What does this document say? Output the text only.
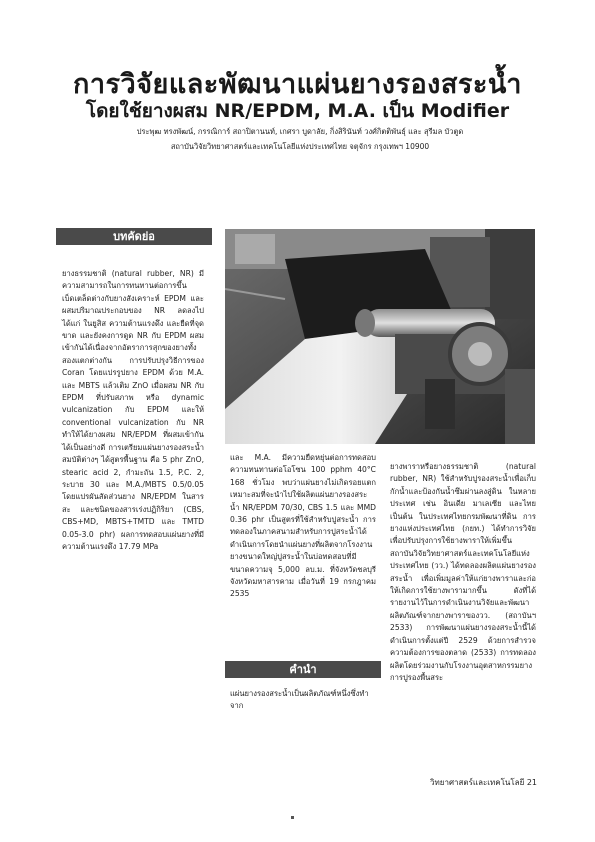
การวิจัยและพัฒนาแผ่นยางรองสระน้ำ
โดยใช้ยางผสม NR/EPDM, M.A. เป็น Modifier
ประพุฒ ทรงพัฒน์, กรรณิการ์ สถาปิตานนท์, เกศรา บูดาลัย, กิ่งสิรินันท์ วงศ์กิตติพันธุ์ และ สุรีมล บัวตูด
สถาบันวิจัยวิทยาศาสตร์และเทคโนโลยีแห่งประเทศไทย จตุจักร กรุงเทพฯ 10900
บทคัดย่อ

ยางธรรมชาติ (natural rubber, NR) มีความสามารถในการทนทานต่อการขึ้นเบ็ดเตล็ดต่างกับยางสังเคราะห์ EPDM และผสมปริมาณประกอบของ NR ลดลงไป ได้แก่ ในยูสิส ความต้านแรงดึง และยืดที่จุดขาด และยังคงการดูด NR กับ EPDM ผสมเข้ากันได้เนื่องจากอัตราการสุกของยางทั้งสองแตกต่างกัน การปรับปรุงวิธีการของ Coran โดยแปรรูปยาง EPDM ด้วย M.A. และ MBTS แล้วเติม ZnO เมื่อผสม NR กับ EPDM ที่ปรับสภาพ หรือ dynamic vulcanization กับ EPDM และให้ conventional vulcanization กับ NR ทำให้ได้ยางผสม NR/EPDM ที่ผสมเข้ากันได้เป็นอย่างดี การเตรียมแผ่นยางรองสระน้ำสมบัติต่างๆ ได้สูตรพื้นฐาน คือ 5 phr ZnO, stearic acid 2, กำมะถัน 1.5, P.C. 2, ระบาย 30 และ M.A./MBTS 0.5/0.05 โดยแปรผันสัดส่วนยาง NR/EPDM ในสารสะ และชนิดของสารเร่งปฏิกิริยา (CBS, CBS+MD, MBTS+TMTD และ TMTD 0.05-3.0 phr) ผลการทดสอบแผ่นยางที่มีความต้านแรงดึง 17.79 MPa

และ M.A. มีความยืดหยุ่นต่อการทดสอบความทนทานต่อโอโซน 100 pphm 40°C 168 ชั่วโมง พบว่าแผ่นยางไม่เกิดรอยแตก เหมาะสมที่จะนำไปใช้ผลิตแผ่นยางรองสระน้ำ NR/EPDM 70/30, CBS 1.5 และ MMD 0.36 phr เป็นสูตรที่ใช้สำหรับปูสระน้ำ การทดลองในภาคสนามสำหรับการปูสระน้ำได้ดำเนินการโดยนำแผ่นยางที่ผลิตจากโรงงานยางขนาดใหญ่ปูสระน้ำในบ่อทดสอบที่มีขนาดความจุ 5,000 ลบ.ม. ที่จังหวัดชลบุรี จังหวัดมหาสารคาม เมื่อวันที่ 19 กรกฎาคม 2535

คำนำ

แผ่นยางรองสระน้ำเป็นผลิตภัณฑ์หนึ่งซึ่งทำจาก

ยางพาราหรือยางธรรมชาติ (natural rubber, NR) ใช้สำหรับปูรองสระน้ำเพื่อเก็บกักน้ำและป้องกันน้ำซึมผ่านลงสู่ดิน ในหลายประเทศ เช่น อินเดีย มาเลเซีย และไทย เป็นต้น ในประเทศไทยกรมพัฒนาที่ดิน การยางแห่งประเทศไทย (กยท.) ได้ทำการวิจัยเพื่อปรับปรุงการใช้ยางพาราให้เพิ่มขึ้น สถาบันวิจัยวิทยาศาสตร์และเทคโนโลยีแห่งประเทศไทย (วว.) ได้ทดลองผลิตแผ่นยางรองสระน้ำ เพื่อเพิ่มมูลค่าให้แก่ยางพาราและก่อให้เกิดการใช้ยางพารามากขึ้น ดังที่ได้รายงานไว้ในการดำเนินงานวิจัยและพัฒนาผลิตภัณฑ์จากยางพาราของวว. (สถาบันฯ 2533) การพัฒนาแผ่นยางรองสระน้ำนี้ได้ดำเนินการตั้งแต่ปี 2529 ด้วยการสำรวจความต้องการของตลาด (2533) การทดลองผลิตโดยร่วมงานกับโรงงานอุตสาหกรรมยาง การปูรองพื้นสระ

วิทยาศาสตร์และเทคโนโลยี 21
